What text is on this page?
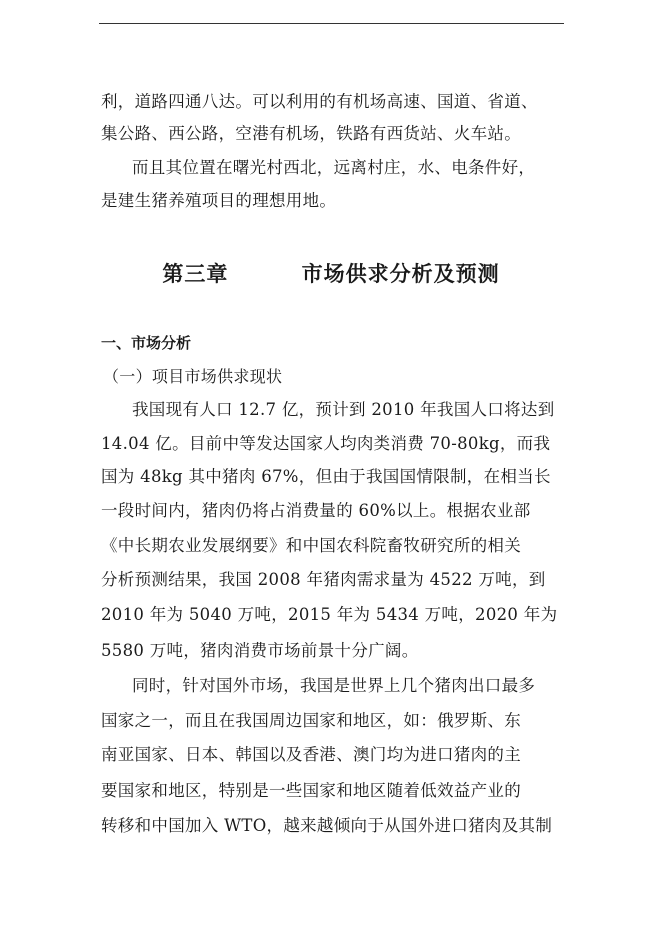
利，道路四通八达。可以利用的有机场高速、国道、省道、
集公路、西公路，空港有机场，铁路有西货站、火车站。
而且其位置在曙光村西北，远离村庄，水、电条件好，
是建生猪养殖项目的理想用地。
第三章    市场供求分析及预测
一、市场分析
（一）项目市场供求现状
我国现有人口 12.7 亿，预计到 2010 年我国人口将达到
14.04 亿。目前中等发达国家人均肉类消费 70-80kg，而我
国为 48kg 其中猪肉 67%，但由于我国国情限制，在相当长
一段时间内，猪肉仍将占消费量的 60%以上。根据农业部
《中长期农业发展纲要》和中国农科院畜牧研究所的相关
分析预测结果，我国 2008 年猪肉需求量为 4522 万吨，到
2010 年为 5040 万吨，2015 年为 5434 万吨，2020 年为
5580 万吨，猪肉消费市场前景十分广阔。
同时，针对国外市场，我国是世界上几个猪肉出口最多
国家之一，而且在我国周边国家和地区，如：俄罗斯、东
南亚国家、日本、韩国以及香港、澳门均为进口猪肉的主
要国家和地区，特别是一些国家和地区随着低效益产业的
转移和中国加入 WTO，越来越倾向于从国外进口猪肉及其制
